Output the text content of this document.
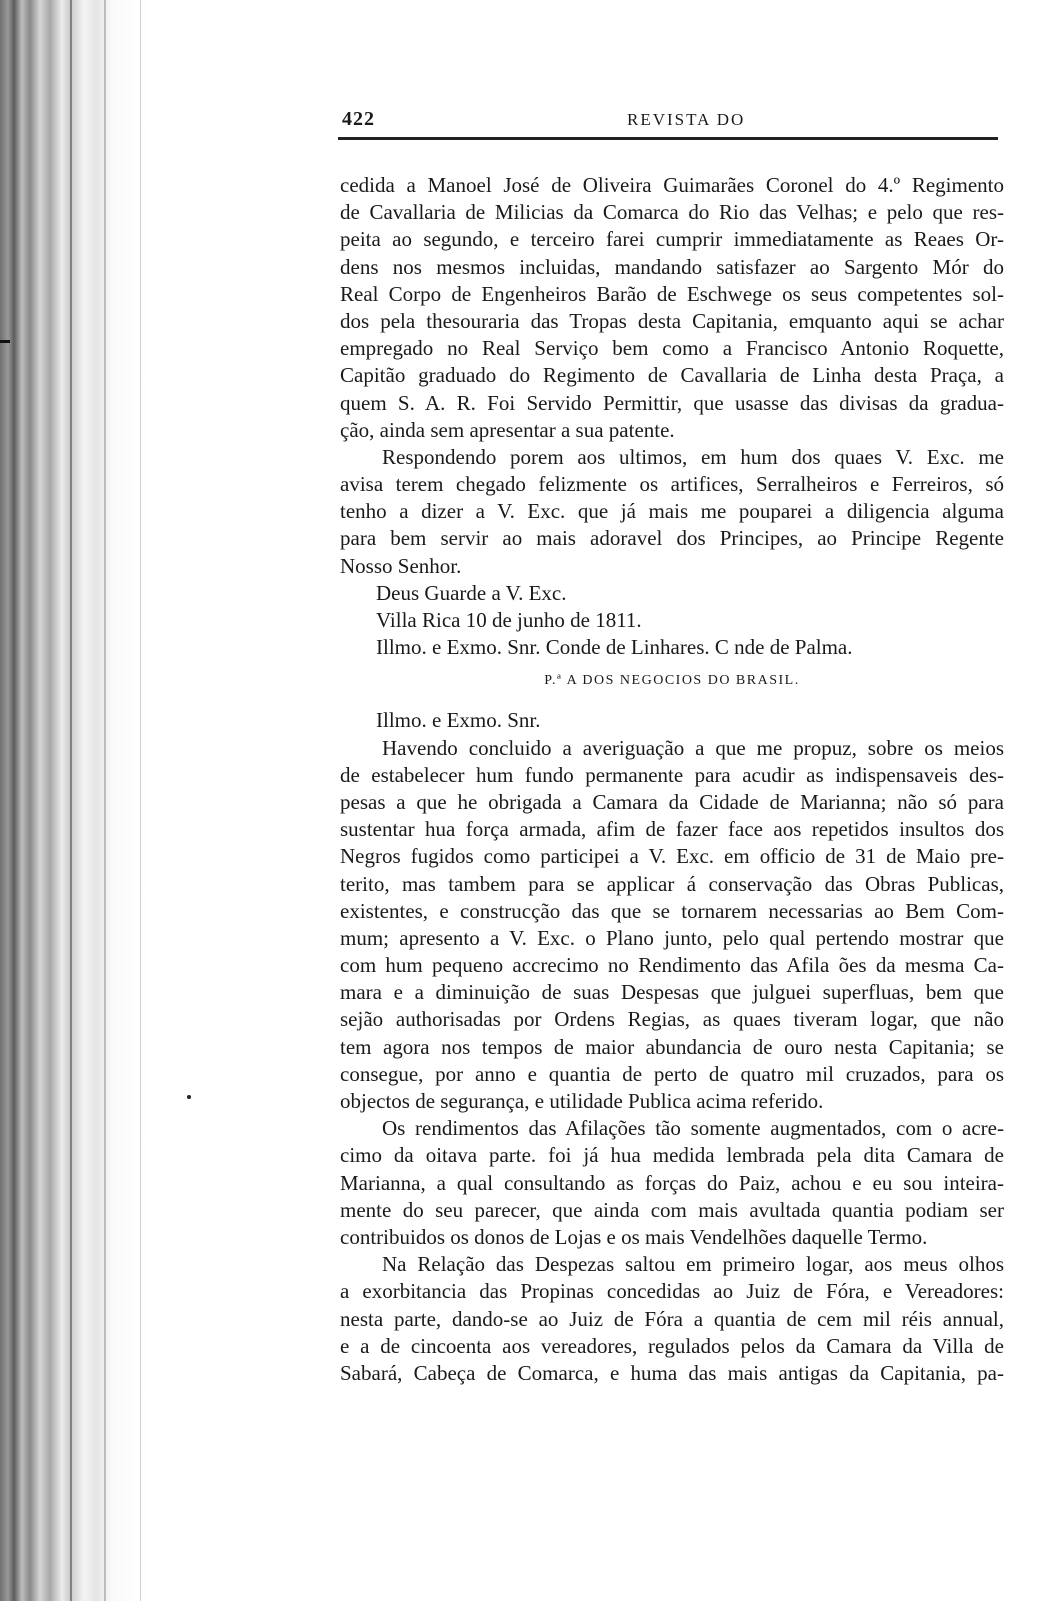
422	REVISTA DO
cedida a Manoel José de Oliveira Guimarães Coronel do 4.º Regimento
de Cavallaria de Milicias da Comarca do Rio das Velhas; e pelo que res-
peita ao segundo, e terceiro farei cumprir immediatamente as Reaes Or-
dens nos mesmos incluidas, mandando satisfazer ao Sargento Mór do
Real Corpo de Engenheiros Barão de Eschwege os seus competentes sol-
dos pela thesouraria das Tropas desta Capitania, emquanto aqui se achar
empregado no Real Serviço bem como a Francisco Antonio Roquette,
Capitão graduado do Regimento de Cavallaria de Linha desta Praça, a
quem S. A. R. Foi Servido Permittir, que usasse das divisas da gradua-
ção, ainda sem apresentar a sua patente.
Respondendo porem aos ultimos, em hum dos quaes V. Exc. me
avisa terem chegado felizmente os artifices, Serralheiros e Ferreiros, só
tenho a dizer a V. Exc. que já mais me pouparei a diligencia alguma
para bem servir ao mais adoravel dos Principes, ao Principe Regente
Nosso Senhor.
Deus Guarde a V. Exc.
Villa Rica 10 de junho de 1811.
Illmo. e Exmo. Snr. Conde de Linhares. C nde de Palma.
P.ª A DOS NEGOCIOS DO BRASIL.
Illmo. e Exmo. Snr.
Havendo concluido a averiguação a que me propuz, sobre os meios
de estabelecer hum fundo permanente para acudir as indispensaveis des-
pesas a que he obrigada a Camara da Cidade de Marianna; não só para
sustentar hua força armada, afim de fazer face aos repetidos insultos dos
Negros fugidos como participei a V. Exc. em officio de 31 de Maio pre-
terito, mas tambem para se applicar á conservação das Obras Publicas,
existentes, e construcção das que se tornarem necessarias ao Bem Com-
mum; apresento a V. Exc. o Plano junto, pelo qual pertendo mostrar que
com hum pequeno accrecimo no Rendimento das Afila ões da mesma Ca-
mara e a diminuição de suas Despesas que julguei superfluas, bem que
sejão authorisadas por Ordens Regias, as quaes tiveram logar, que não
tem agora nos tempos de maior abundancia de ouro nesta Capitania; se
consegue, por anno e quantia de perto de quatro mil cruzados, para os
objectos de segurança, e utilidade Publica acima referido.
Os rendimentos das Afilações tão somente augmentados, com o acre-
cimo da oitava parte. foi já hua medida lembrada pela dita Camara de
Marianna, a qual consultando as forças do Paiz, achou e eu sou inteira-
mente do seu parecer, que ainda com mais avultada quantia podiam ser
contribuidos os donos de Lojas e os mais Vendelhões daquelle Termo.
Na Relação das Despezas saltou em primeiro logar, aos meus olhos
a exorbitancia das Propinas concedidas ao Juiz de Fóra, e Vereadores:
nesta parte, dando-se ao Juiz de Fóra a quantia de cem mil réis annual,
e a de cincoenta aos vereadores, regulados pelos da Camara da Villa de
Sabará, Cabeça de Comarca, e huma das mais antigas da Capitania, pa-
